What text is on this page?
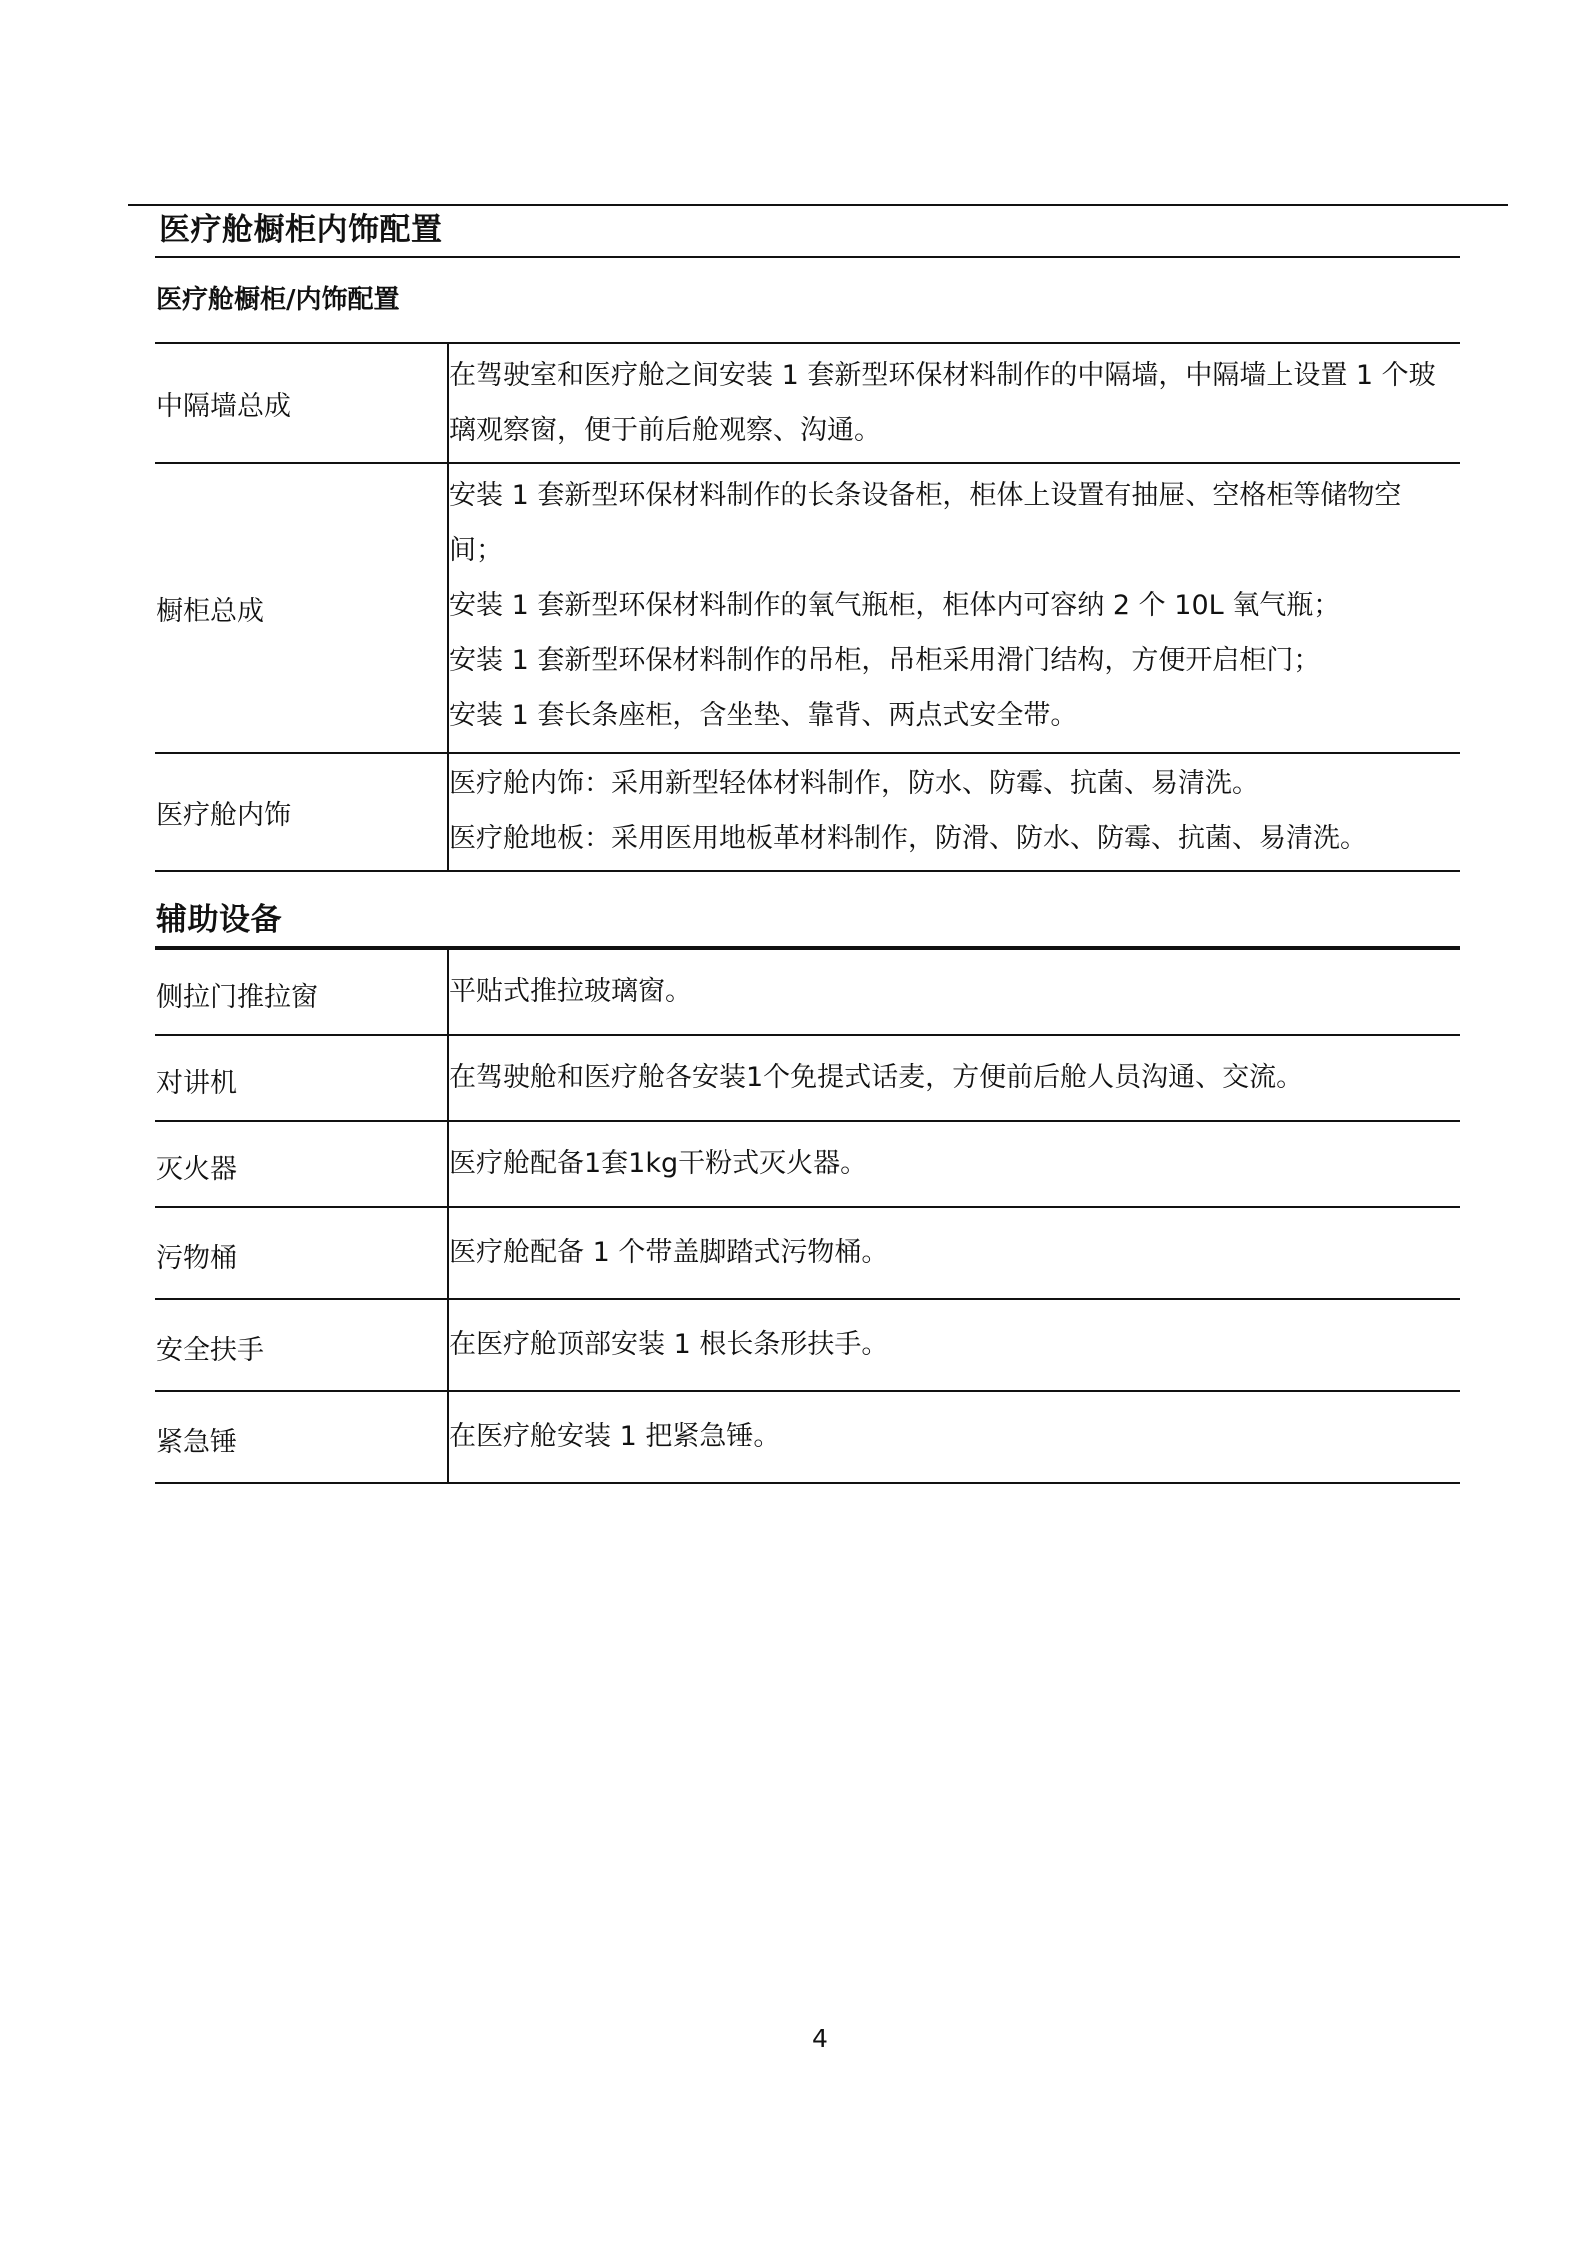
医疗舱橱柜内饰配置
医疗舱橱柜/内饰配置
中隔墙总成	在驾驶室和医疗舱之间安装 1 套新型环保材料制作的中隔墙，中隔墙上设置 1 个玻
璃观察窗，便于前后舱观察、沟通。

橱柜总成	安装 1 套新型环保材料制作的长条设备柜，柜体上设置有抽屉、空格柜等储物空
间；
安装 1 套新型环保材料制作的氧气瓶柜，柜体内可容纳 2 个 10L 氧气瓶；
安装 1 套新型环保材料制作的吊柜，吊柜采用滑门结构，方便开启柜门；
安装 1 套长条座柜，含坐垫、靠背、两点式安全带。

医疗舱内饰	医疗舱内饰：采用新型轻体材料制作，防水、防霉、抗菌、易清洗。
医疗舱地板：采用医用地板革材料制作，防滑、防水、防霉、抗菌、易清洗。
辅助设备
侧拉门推拉窗	平贴式推拉玻璃窗。
对讲机	在驾驶舱和医疗舱各安装1个免提式话麦，方便前后舱人员沟通、交流。
灭火器	医疗舱配备1套1kg干粉式灭火器。
污物桶	医疗舱配备 1 个带盖脚踏式污物桶。
安全扶手	在医疗舱顶部安装 1 根长条形扶手。
紧急锤	在医疗舱安装 1 把紧急锤。
4
